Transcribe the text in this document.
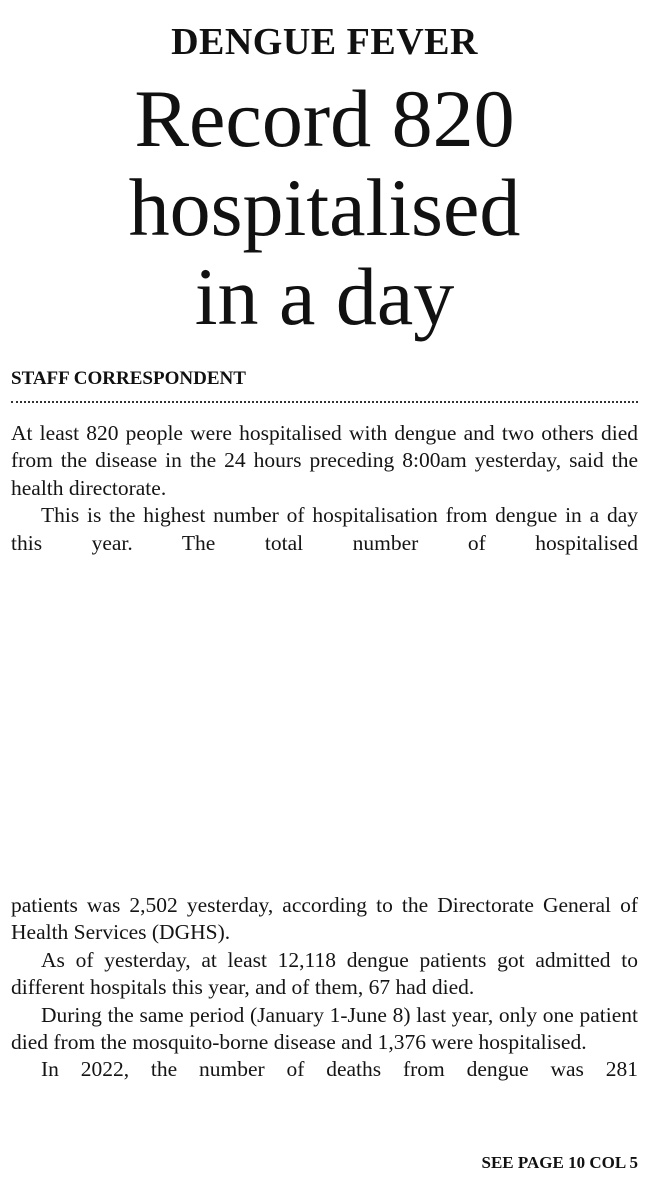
DENGUE FEVER
Record 820
hospitalised
in a day
STAFF CORRESPONDENT

At least 820 people were hospitalised with dengue and two others died from the disease in the 24 hours preceding 8:00am yesterday, said the health directorate.

This is the highest number of hospitalisation from dengue in a day this year. The total number of hospitalised

patients was 2,502 yesterday, according to the Directorate General of Health Services (DGHS).

As of yesterday, at least 12,118 dengue patients got admitted to different hospitals this year, and of them, 67 had died.

During the same period (January 1-June 8) last year, only one patient died from the mosquito-borne disease and 1,376 were hospitalised.

In 2022, the number of deaths from dengue was 281

SEE PAGE 10 COL 5
